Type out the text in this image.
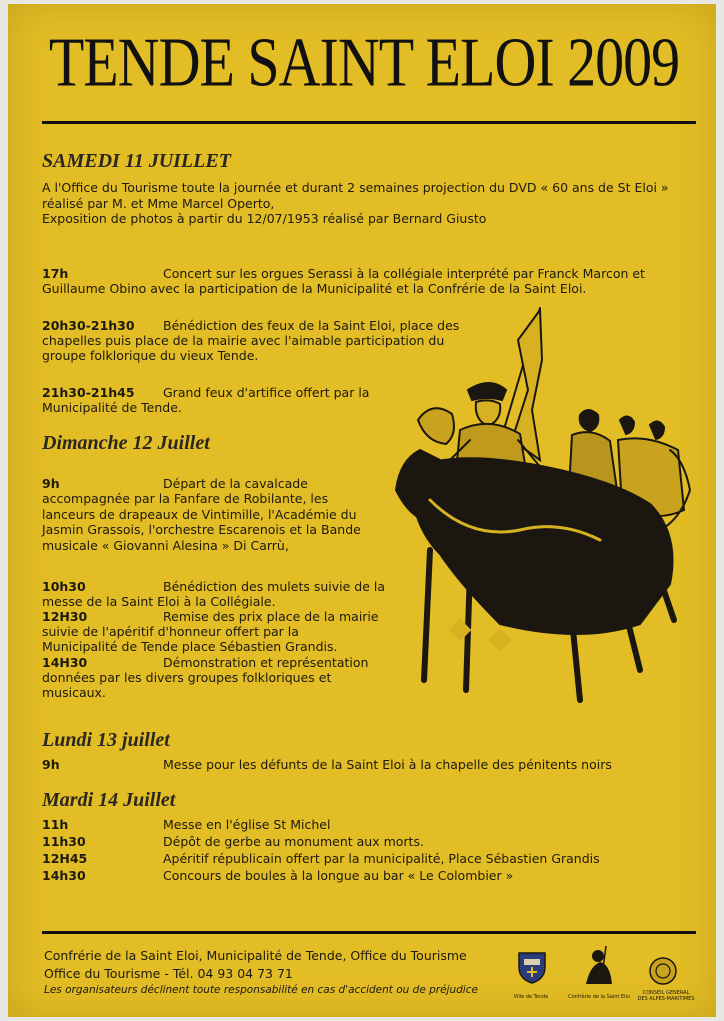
TENDE SAINT ELOI 2009
SAMEDI 11 JUILLET
A l'Office du Tourisme toute la journée et durant 2 semaines projection du DVD « 60 ans de St Eloi »
réalisé par M. et Mme Marcel Operto,
Exposition de photos à partir du 12/07/1953 réalisé par Bernard Giusto
17h	Concert sur les orgues Serassi à la collégiale interprété par Franck Marcon et
Guillaume Obino avec la participation de la Municipalité et la Confrérie de la Saint Eloi.
20h30-21h30 Bénédiction des feux de la Saint Eloi, place des
chapelles puis place de la mairie avec l'aimable participation du
groupe folklorique du vieux Tende.
21h30-21h45 Grand feux d'artifice offert par la
Municipalité de Tende.
Dimanche 12 Juillet
9h	Départ de la cavalcade
accompagnée par la Fanfare de Robilante, les
lanceurs de drapeaux de Vintimille, l'Académie du
Jasmin Grassois, l'orchestre Escarenois et la Bande
musicale « Giovanni Alesina » Di Carrù,
10h30	Bénédiction des mulets suivie de la
messe de la Saint Eloi à la Collégiale.
12H30	Remise des prix place de la mairie
suivie de l'apéritif d'honneur offert par la
Municipalité de Tende place Sébastien Grandis.
14H30	Démonstration et représentation
données par les divers groupes folkloriques et
musicaux.
Lundi 13 juillet
9h	Messe pour les défunts de la Saint Eloi à la chapelle des pénitents noirs
Mardi 14 Juillet
11h	Messe en l'église St Michel
11h30	Dépôt de gerbe au monument aux morts.
12H45	Apéritif républicain offert par la municipalité, Place Sébastien Grandis
14h30	Concours de boules à la longue au bar « Le Colombier »
Confrérie de la Saint Eloi, Municipalité de Tende, Office du Tourisme
Office du Tourisme - Tél. 04 93 04 73 71
Les organisateurs déclinent toute responsabilité en cas d'accident ou de préjudice
Ville de Tende	Confrérie de la Saint Eloi
CONSEIL GENERAL
DES ALPES-MARITIMES
